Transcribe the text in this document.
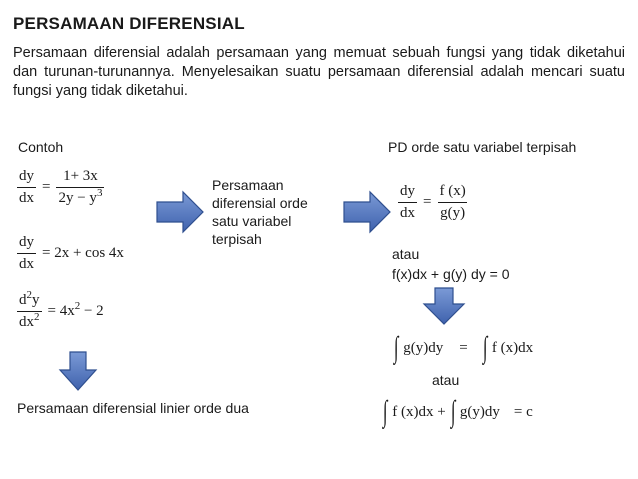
PERSAMAAN DIFERENSIAL
Persamaan diferensial adalah persamaan yang memuat sebuah fungsi yang tidak diketahui dan turunan-turunannya. Menyelesaikan suatu persamaan diferensial adalah mencari suatu fungsi yang tidak diketahui.
Contoh
$\frac{dy}{dx} = \frac{1+ 3x}{2y - y^3}$
$\frac{dy}{dx} = 2x + \cos 4x$
$\frac{d^2y}{dx^2} = 4x^2 - 2$
Persamaan diferensial linier orde dua
Persamaan
diferensial orde
satu variabel
terpisah
PD orde satu variabel terpisah
$\frac{dy}{dx} = \frac{f (x)}{g(y)}$
atau
f(x)dx + g(y) dy = 0
∫ g(y)dy = ∫ f (x)dx
atau
∫ f (x)dx + ∫ g(y)dy = c
